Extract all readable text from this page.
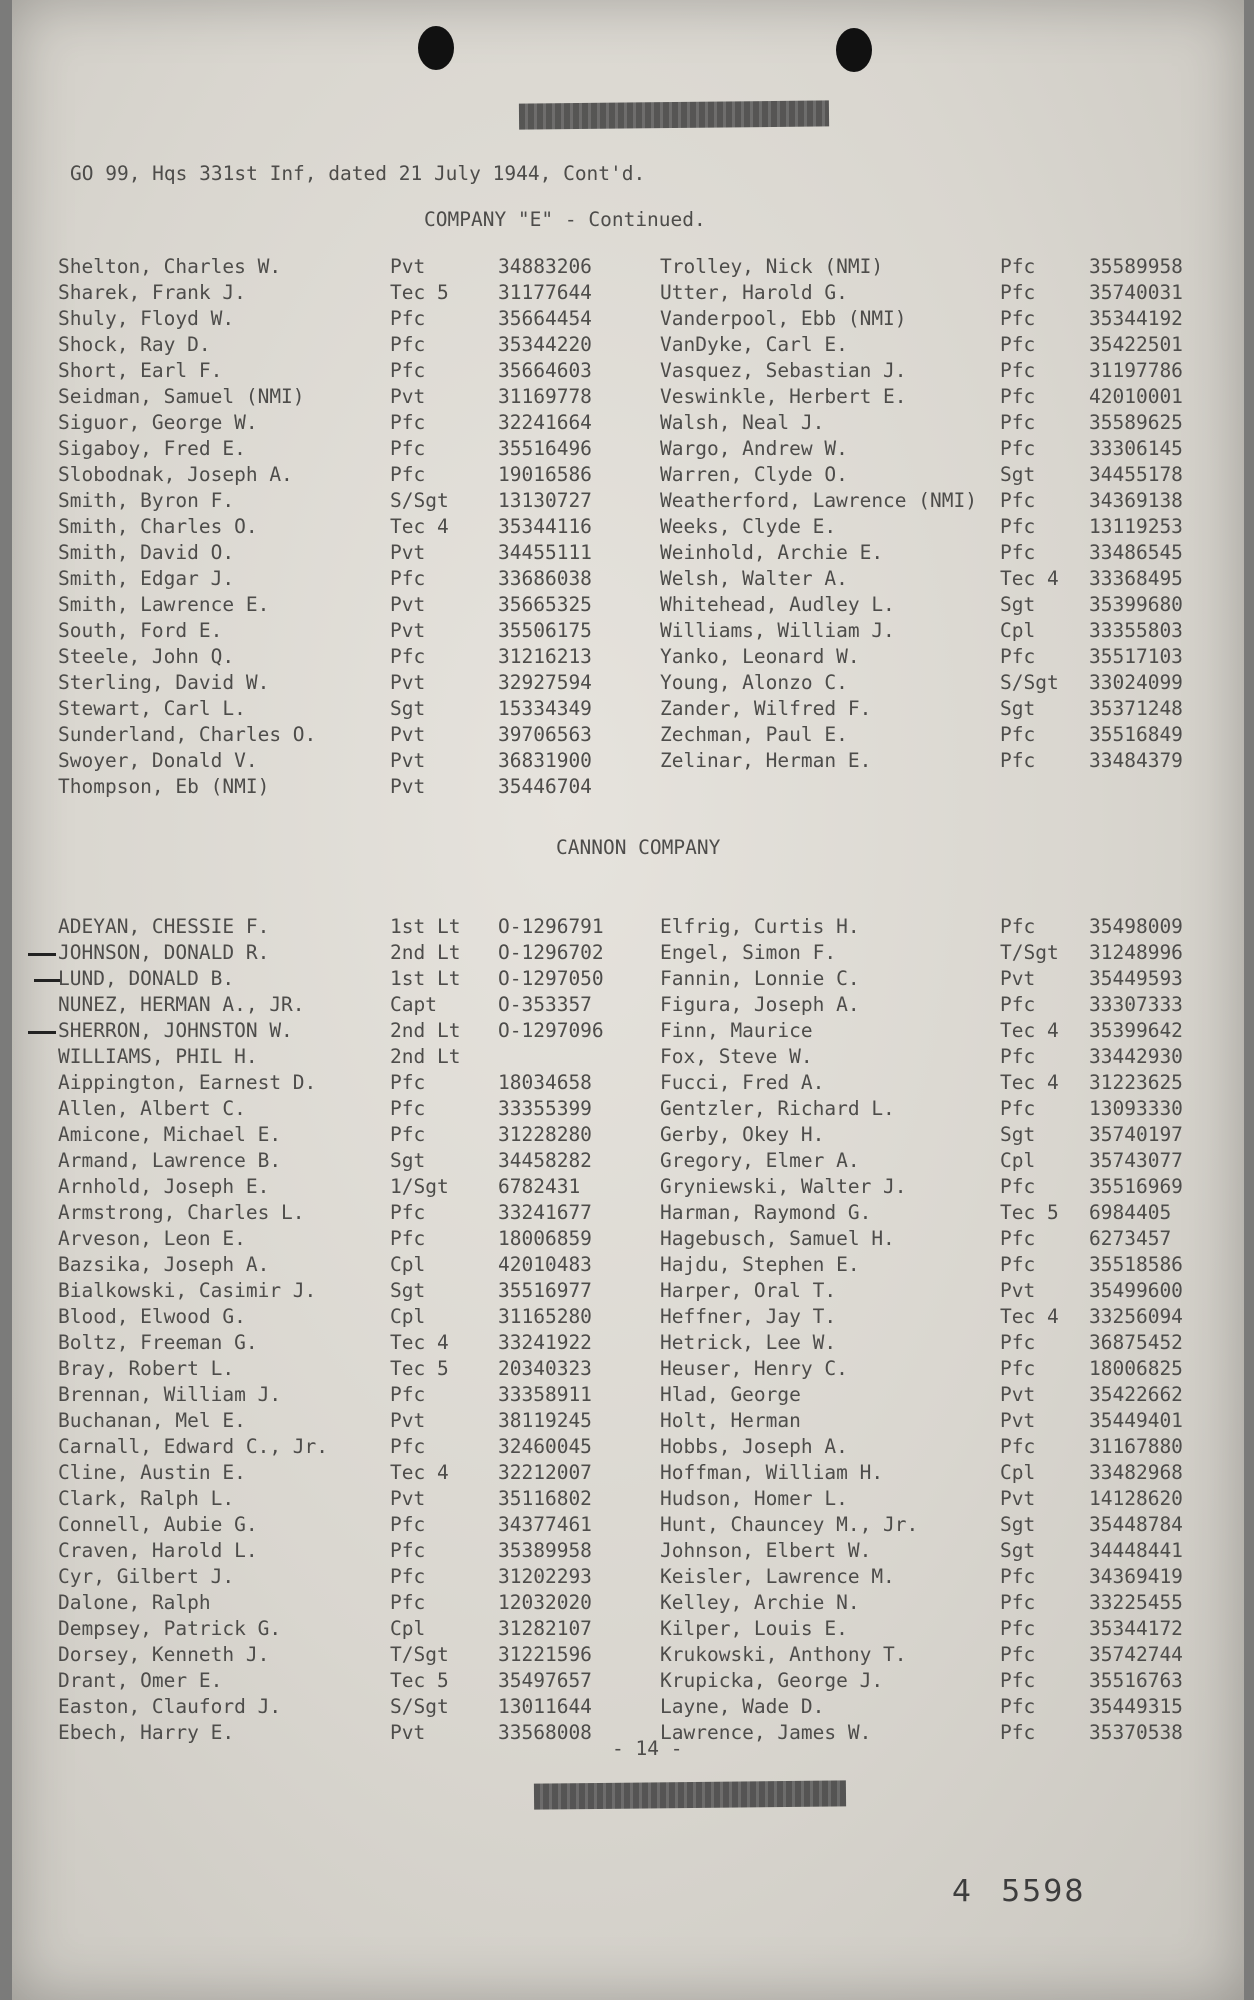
GO 99, Hqs 331st Inf, dated 21 July 1944, Cont'd.
COMPANY "E" - Continued.
Shelton, Charles W.	Pvt	34883206	Trolley, Nick (NMI)	Pfc	35589958
Sharek, Frank J.	Tec 5	31177644	Utter, Harold G.	Pfc	35740031
Shuly, Floyd W.	Pfc	35664454	Vanderpool, Ebb (NMI)	Pfc	35344192
Shock, Ray D.	Pfc	35344220	VanDyke, Carl E.	Pfc	35422501
Short, Earl F.	Pfc	35664603	Vasquez, Sebastian J.	Pfc	31197786
Seidman, Samuel (NMI)	Pvt	31169778	Veswinkle, Herbert E.	Pfc	42010001
Siguor, George W.	Pfc	32241664	Walsh, Neal J.	Pfc	35589625
Sigaboy, Fred E.	Pfc	35516496	Wargo, Andrew W.	Pfc	33306145
Slobodnak, Joseph A.	Pfc	19016586	Warren, Clyde O.	Sgt	34455178
Smith, Byron F.	S/Sgt	13130727	Weatherford, Lawrence (NMI) Pfc	34369138
Smith, Charles O.	Tec 4	35344116	Weeks, Clyde E.	Pfc	13119253
Smith, David O.	Pvt	34455111	Weinhold, Archie E.	Pfc	33486545
Smith, Edgar J.	Pfc	33686038	Welsh, Walter A.	Tec 4 33368495
Smith, Lawrence E.	Pvt	35665325	Whitehead, Audley L.	Sgt	35399680
South, Ford E.	Pvt	35506175	Williams, William J.	Cpl	33355803
Steele, John Q.	Pfc	31216213	Yanko, Leonard W.	Pfc	35517103
Sterling, David W.	Pvt	32927594	Young, Alonzo C.	S/Sgt 33024099
Stewart, Carl L.	Sgt	15334349	Zander, Wilfred F.	Sgt	35371248
Sunderland, Charles O.	Pvt	39706563	Zechman, Paul E.	Pfc	35516849
Swoyer, Donald V.	Pvt	36831900	Zelinar, Herman E.	Pfc	33484379
Thompson, Eb (NMI)	Pvt	35446704
CANNON COMPANY
ADEYAN, CHESSIE F.	1st Lt O-1296791	Elfrig, Curtis H.	Pfc	35498009
JOHNSON, DONALD R.	2nd Lt O-1296702	Engel, Simon F.	T/Sgt 31248996
LUND, DONALD B.	1st Lt O-1297050	Fannin, Lonnie C.	Pvt	35449593
NUNEZ, HERMAN A., JR.	Capt	O-353357	Figura, Joseph A.	Pfc	33307333
SHERRON, JOHNSTON W.	2nd Lt O-1297096	Finn, Maurice	Tec 4 35399642
WILLIAMS, PHIL H.	2nd Lt	Fox, Steve W.	Pfc	33442930
Aippington, Earnest D.	Pfc	18034658	Fucci, Fred A.	Tec 4 31223625
Allen, Albert C.	Pfc	33355399	Gentzler, Richard L.	Pfc	13093330
Amicone, Michael E.	Pfc	31228280	Gerby, Okey H.	Sgt	35740197
Armand, Lawrence B.	Sgt	34458282	Gregory, Elmer A.	Cpl	35743077
Arnhold, Joseph E.	1/Sgt	6782431	Gryniewski, Walter J.	Pfc	35516969
Armstrong, Charles L.	Pfc	33241677	Harman, Raymond G.	Tec 5 6984405
Arveson, Leon E.	Pfc	18006859	Hagebusch, Samuel H.	Pfc	6273457
Bazsika, Joseph A.	Cpl	42010483	Hajdu, Stephen E.	Pfc	35518586
Bialkowski, Casimir J.	Sgt	35516977	Harper, Oral T.	Pvt	35499600
Blood, Elwood G.	Cpl	31165280	Heffner, Jay T.	Tec 4 33256094
Boltz, Freeman G.	Tec 4	33241922	Hetrick, Lee W.	Pfc	36875452
Bray, Robert L.	Tec 5	20340323	Heuser, Henry C.	Pfc	18006825
Brennan, William J.	Pfc	33358911	Hlad, George	Pvt	35422662
Buchanan, Mel E.	Pvt	38119245	Holt, Herman	Pvt	35449401
Carnall, Edward C., Jr.	Pfc	32460045	Hobbs, Joseph A.	Pfc	31167880
Cline, Austin E.	Tec 4	32212007	Hoffman, William H.	Cpl	33482968
Clark, Ralph L.	Pvt	35116802	Hudson, Homer L.	Pvt	14128620
Connell, Aubie G.	Pfc	34377461	Hunt, Chauncey M., Jr.	Sgt	35448784
Craven, Harold L.	Pfc	35389958	Johnson, Elbert W.	Sgt	34448441
Cyr, Gilbert J.	Pfc	31202293	Keisler, Lawrence M.	Pfc	34369419
Dalone, Ralph	Pfc	12032020	Kelley, Archie N.	Pfc	33225455
Dempsey, Patrick G.	Cpl	31282107	Kilper, Louis E.	Pfc	35344172
Dorsey, Kenneth J.	T/Sgt	31221596	Krukowski, Anthony T.	Pfc	35742744
Drant, Omer E.	Tec 5	35497657	Krupicka, George J.	Pfc	35516763
Easton, Clauford J.	S/Sgt	13011644	Layne, Wade D.	Pfc	35449315
Ebech, Harry E.	Pvt	33568008	Lawrence, James W.	Pfc	35370538
- 14 -
4 5598
